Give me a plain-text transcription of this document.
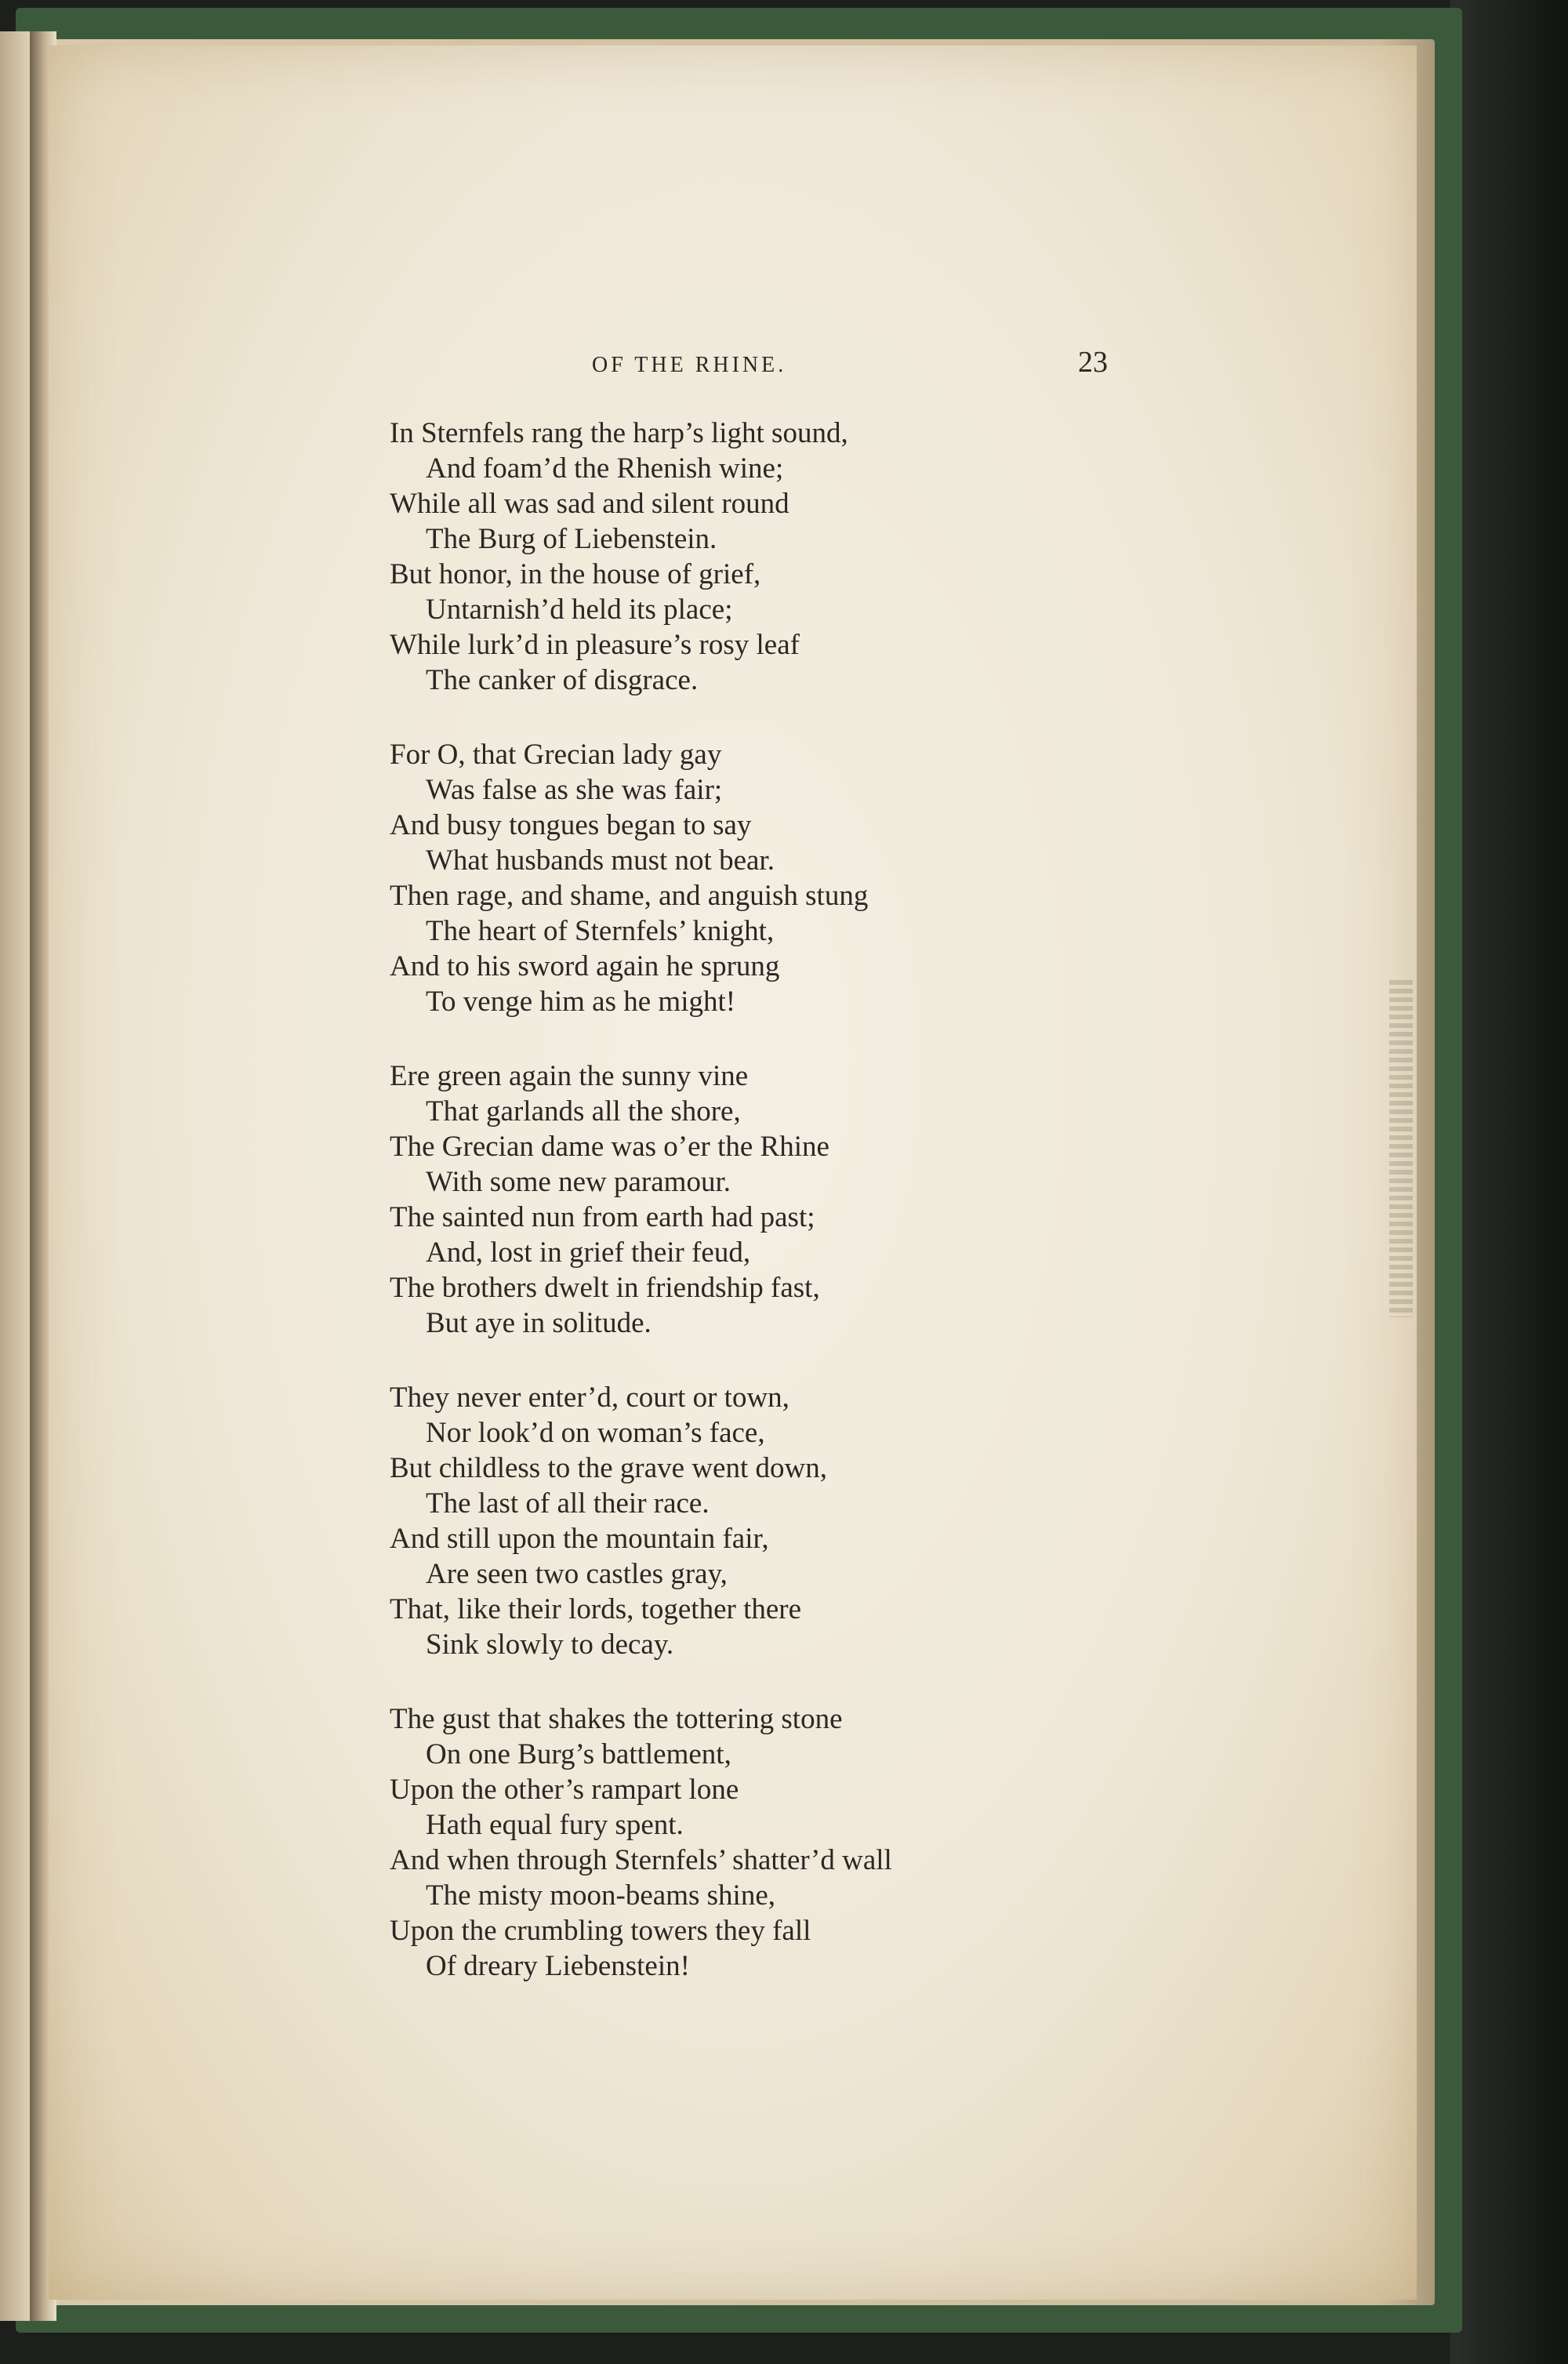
OF THE RHINE.	23
In Sternfels rang the harp’s light sound,
And foam’d the Rhenish wine;
While all was sad and silent round
The Burg of Liebenstein.
But honor, in the house of grief,
Untarnish’d held its place;
While lurk’d in pleasure’s rosy leaf
The canker of disgrace.
For O, that Grecian lady gay
Was false as she was fair;
And busy tongues began to say
What husbands must not bear.
Then rage, and shame, and anguish stung
The heart of Sternfels’ knight,
And to his sword again he sprung
To venge him as he might!
Ere green again the sunny vine
That garlands all the shore,
The Grecian dame was o’er the Rhine
With some new paramour.
The sainted nun from earth had past;
And, lost in grief their feud,
The brothers dwelt in friendship fast,
But aye in solitude.
They never enter’d, court or town,
Nor look’d on woman’s face,
But childless to the grave went down,
The last of all their race.
And still upon the mountain fair,
Are seen two castles gray,
That, like their lords, together there
Sink slowly to decay.
The gust that shakes the tottering stone
On one Burg’s battlement,
Upon the other’s rampart lone
Hath equal fury spent.
And when through Sternfels’ shatter’d wall
The misty moon-beams shine,
Upon the crumbling towers they fall
Of dreary Liebenstein!
